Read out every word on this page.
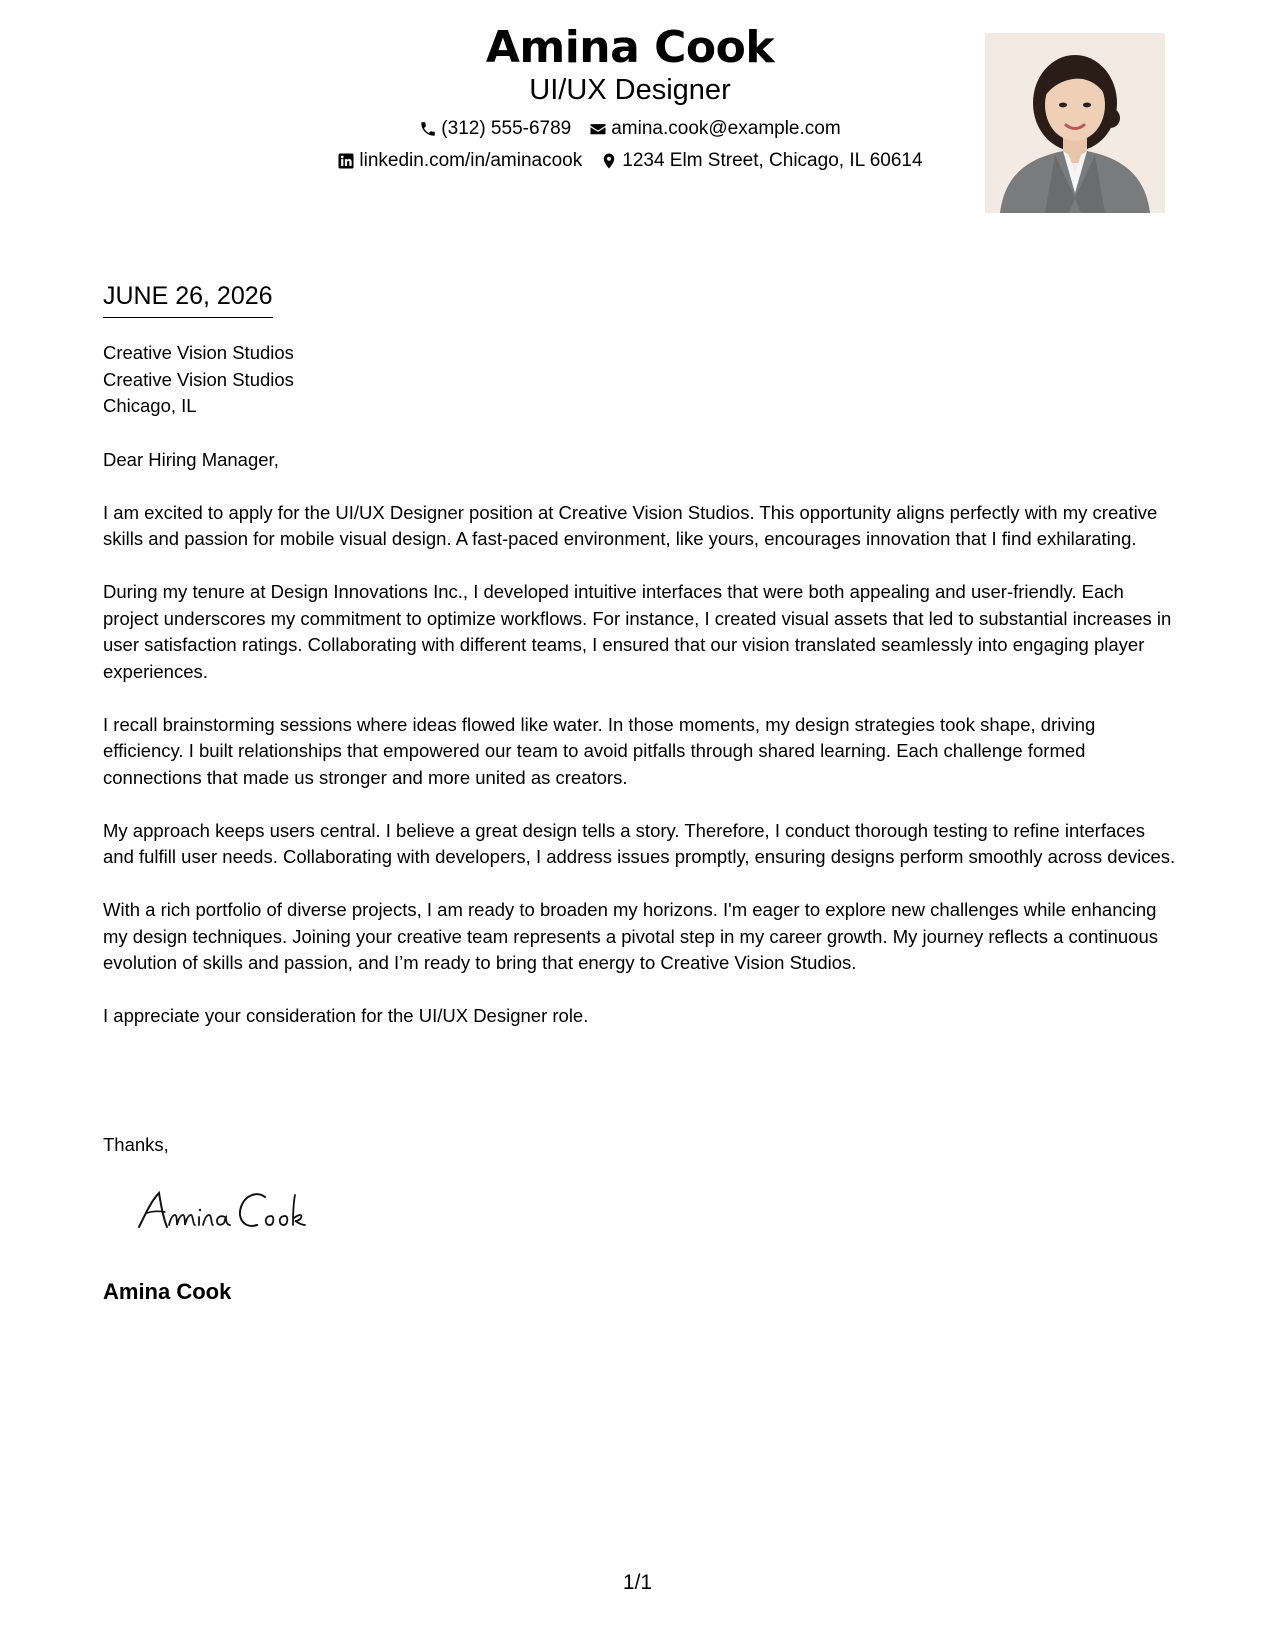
Amina Cook
UI/UX Designer
(312) 555-6789 amina.cook@example.com
linkedin.com/in/aminacook 1234 Elm Street, Chicago, IL 60614
JUNE 26, 2026
Creative Vision Studios
Creative Vision Studios
Chicago, IL

Dear Hiring Manager,

I am excited to apply for the UI/UX Designer position at Creative Vision Studios. This opportunity aligns perfectly with my creative skills and passion for mobile visual design. A fast-paced environment, like yours, encourages innovation that I find exhilarating.

During my tenure at Design Innovations Inc., I developed intuitive interfaces that were both appealing and user-friendly. Each project underscores my commitment to optimize workflows. For instance, I created visual assets that led to substantial increases in user satisfaction ratings. Collaborating with different teams, I ensured that our vision translated seamlessly into engaging player experiences.

I recall brainstorming sessions where ideas flowed like water. In those moments, my design strategies took shape, driving efficiency. I built relationships that empowered our team to avoid pitfalls through shared learning. Each challenge formed connections that made us stronger and more united as creators.

My approach keeps users central. I believe a great design tells a story. Therefore, I conduct thorough testing to refine interfaces and fulfill user needs. Collaborating with developers, I address issues promptly, ensuring designs perform smoothly across devices.

With a rich portfolio of diverse projects, I am ready to broaden my horizons. I'm eager to explore new challenges while enhancing my design techniques. Joining your creative team represents a pivotal step in my career growth. My journey reflects a continuous evolution of skills and passion, and I’m ready to bring that energy to Creative Vision Studios.

I appreciate your consideration for the UI/UX Designer role.

Thanks,
Amina Cook
1/1
